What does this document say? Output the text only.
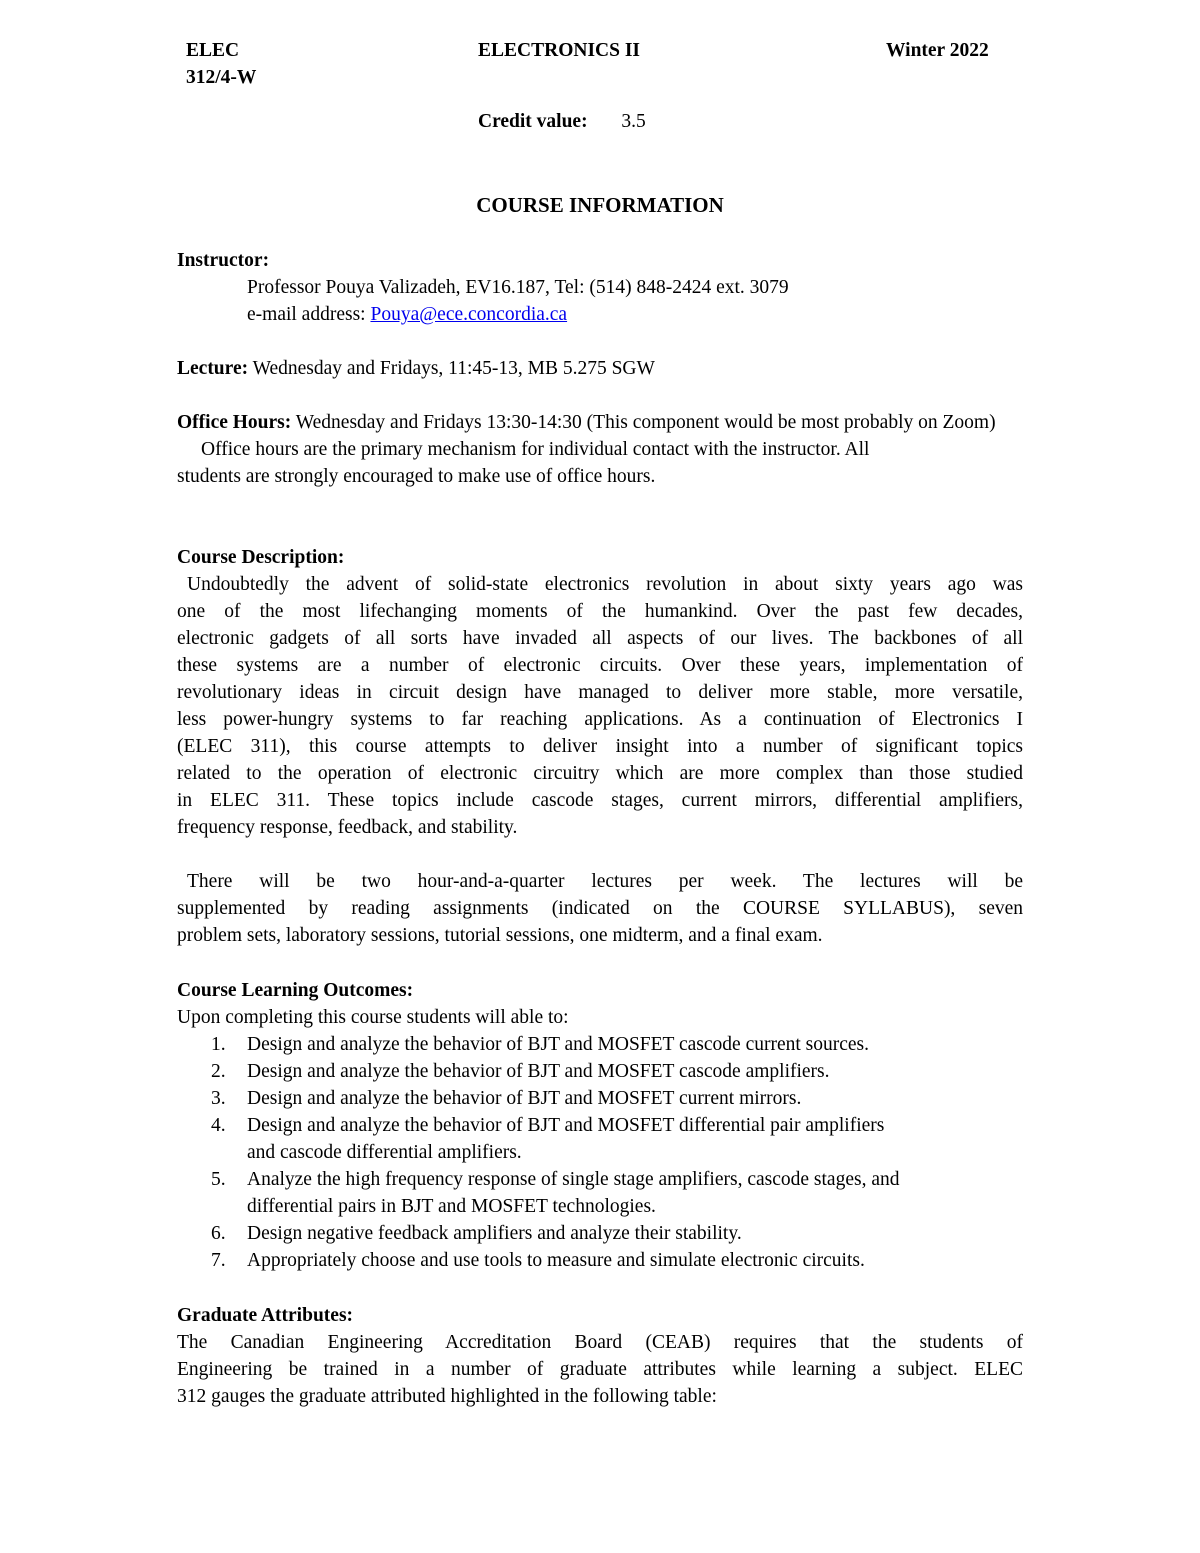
ELEC
312/4-W
ELECTRONICS II	Winter 2022
Credit value: 3.5
COURSE INFORMATION
Instructor:
Professor Pouya Valizadeh, EV16.187, Tel: (514) 848-2424 ext. 3079
e-mail address: Pouya@ece.concordia.ca
Lecture: Wednesday and Fridays, 11:45-13, MB 5.275 SGW
Office Hours: Wednesday and Fridays 13:30-14:30 (This component would be most probably on Zoom)
Office hours are the primary mechanism for individual contact with the instructor. All
students are strongly encouraged to make use of office hours.
Course Description:
Undoubtedly the advent of solid-state electronics revolution in about sixty years ago was
one of the most lifechanging moments of the humankind. Over the past few decades,
electronic gadgets of all sorts have invaded all aspects of our lives. The backbones of all
these systems are a number of electronic circuits. Over these years, implementation of
revolutionary ideas in circuit design have managed to deliver more stable, more versatile,
less power-hungry systems to far reaching applications. As a continuation of Electronics I
(ELEC 311), this course attempts to deliver insight into a number of significant topics
related to the operation of electronic circuitry which are more complex than those studied
in ELEC 311. These topics include cascode stages, current mirrors, differential amplifiers,
frequency response, feedback, and stability.
There will be two hour-and-a-quarter lectures per week. The lectures will be
supplemented by reading assignments (indicated on the COURSE SYLLABUS), seven
problem sets, laboratory sessions, tutorial sessions, one midterm, and a final exam.
Course Learning Outcomes:
Upon completing this course students will able to:
1. Design and analyze the behavior of BJT and MOSFET cascode current sources.
2. Design and analyze the behavior of BJT and MOSFET cascode amplifiers.
3. Design and analyze the behavior of BJT and MOSFET current mirrors.
4. Design and analyze the behavior of BJT and MOSFET differential pair amplifiers
and cascode differential amplifiers.
5. Analyze the high frequency response of single stage amplifiers, cascode stages, and
differential pairs in BJT and MOSFET technologies.
6. Design negative feedback amplifiers and analyze their stability.
7. Appropriately choose and use tools to measure and simulate electronic circuits.
Graduate Attributes:
The Canadian Engineering Accreditation Board (CEAB) requires that the students of
Engineering be trained in a number of graduate attributes while learning a subject. ELEC
312 gauges the graduate attributed highlighted in the following table:
